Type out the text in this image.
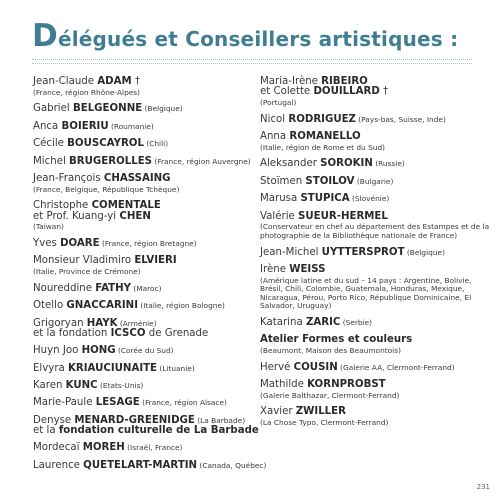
Délégués et Conseillers artistiques :
Jean-Claude ADAM †
(France, région Rhône-Alpes)
Gabriel BELGEONNE (Belgique)
Anca BOIERIU (Roumanie)
Cécile BOUSCAYROL (Chili)
Michel BRUGEROLLES (France, région Auvergne)
Jean-François CHASSAING
(France, Belgique, République Tchèque)
Christophe COMENTALE
et Prof. Kuang-yi CHEN
(Taiwan)
Yves DOARE (France, région Bretagne)
Monsieur Vladimiro ELVIERI
(Italie, Province de Crémone)
Noureddine FATHY (Maroc)
Otello GNACCARINI (Italie, région Bologne)
Grigoryan HAYK (Arménie)
et la fondation ICSCO de Grenade
Huyn Joo HONG (Corée du Sud)
Elvyra KRIAUCIUNAITE (Lituanie)
Karen KUNC (Etats-Unis)
Marie-Paule LESAGE (France, région Alsace)
Denyse MENARD-GREENIDGE (La Barbade)
et la fondation culturelle de La Barbade
Mordecaï MOREH (Israël, France)
Laurence QUETELART-MARTIN (Canada, Québec)
Maria-Irène RIBEIRO
et Colette DOUILLARD †
(Portugal)
Nicol RODRIGUEZ (Pays-bas, Suisse, Inde)
Anna ROMANELLO
(Italie, région de Rome et du Sud)
Aleksander SOROKIN (Russie)
Stoïmen STOILOV (Bulgarie)
Marusa STUPICA (Slovénie)
Valérie SUEUR-HERMEL
(Conservateur en chef au département des Estampes et de la photographie de la Bibliothèque nationale de France)
Jean-Michel UYTTERSPROT (Belgique)
Irène WEISS
(Amérique latine et du sud – 14 pays : Argentine, Bolivie, Brésil, Chili, Colombie, Guatemala, Honduras, Mexique, Nicaragua, Pérou, Porto Rico, République Dominicaine, El Salvador, Uruguay)
Katarina ZARIC (Serbie)
Atelier Formes et couleurs
(Beaumont, Maison des Beaumontois)
Hervé COUSIN (Galerie AA, Clermont-Ferrand)
Mathilde KORNPROBST
(Galerie Balthazar, Clermont-Ferrand)
Xavier ZWILLER
(La Chose Typo, Clermont-Ferrand)
231
